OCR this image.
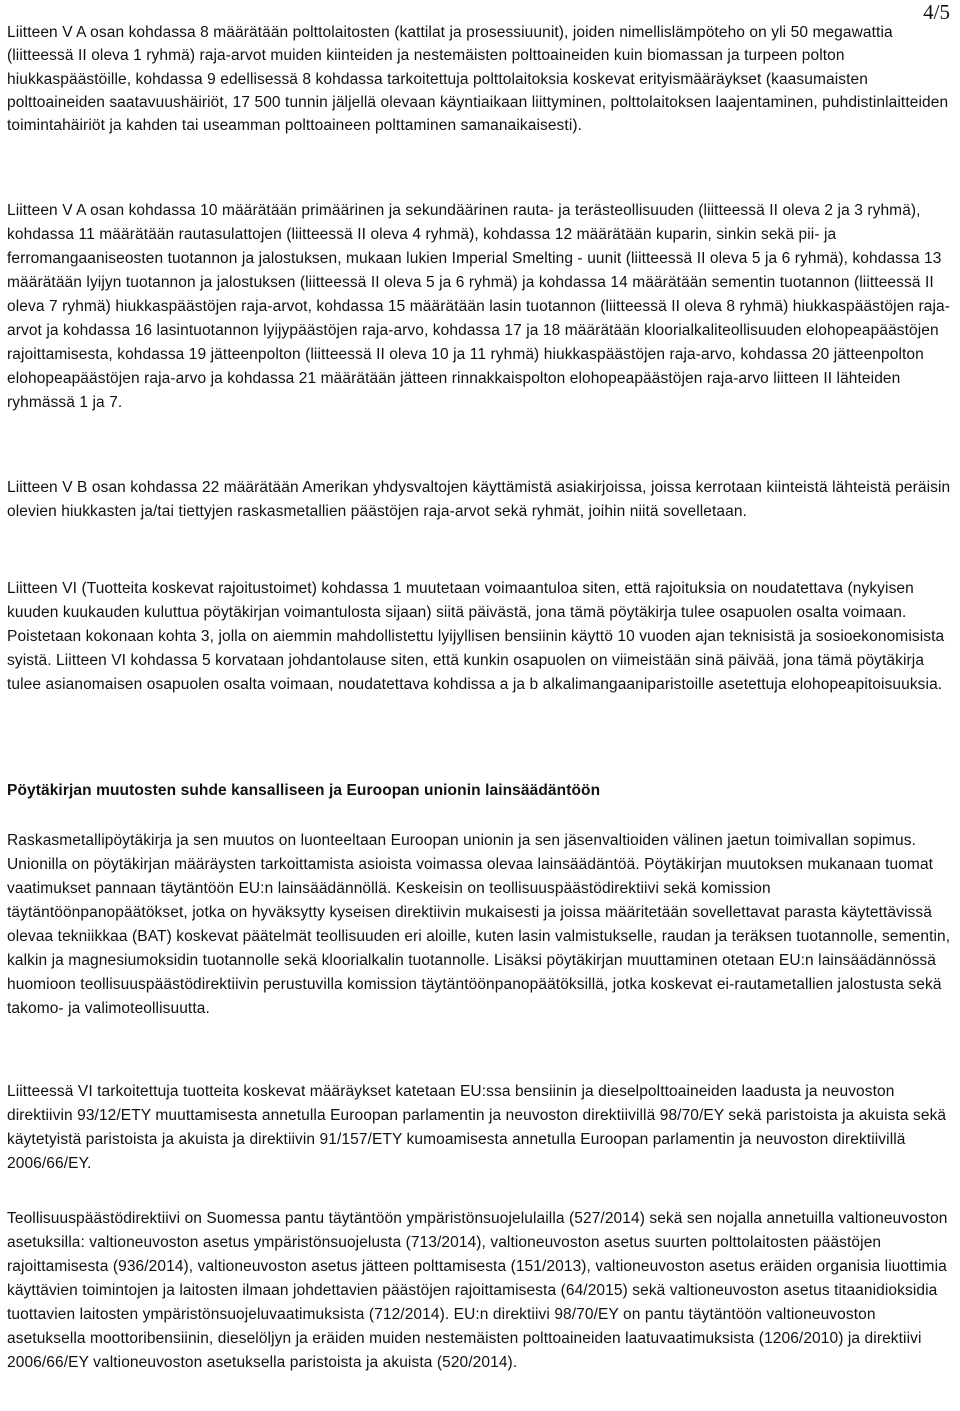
4/5

Liitteen V A osan kohdassa 8 määrätään polttolaitosten (kattilat ja prosessiuunit), joiden nimellislämpöteho on yli 50 megawattia (liitteessä II oleva 1 ryhmä) raja-arvot muiden kiinteiden ja nestemäisten polttoaineiden kuin biomassan ja turpeen polton hiukkaspäästöille, kohdassa 9 edellisessä 8 kohdassa tarkoitettuja polttolaitoksia koskevat erityismääräykset (kaasumaisten polttoaineiden saatavuushäiriöt, 17 500 tunnin jäljellä olevaan käyntiaikaan liittyminen, polttolaitoksen laajentaminen, puhdistinlaitteiden toimintahäiriöt ja kahden tai useamman polttoaineen polttaminen samanaikaisesti).

Liitteen V A osan kohdassa 10 määrätään primäärinen ja sekundäärinen rauta- ja terästeollisuuden (liitteessä II oleva 2 ja 3 ryhmä), kohdassa 11 määrätään rautasulattojen (liitteessä II oleva 4 ryhmä), kohdassa 12 määrätään kuparin, sinkin sekä pii- ja ferromangaaniseosten tuotannon ja jalostuksen, mukaan lukien Imperial Smelting - uunit (liitteessä II oleva 5 ja 6 ryhmä), kohdassa 13 määrätään lyijyn tuotannon ja jalostuksen (liitteessä II oleva 5 ja 6 ryhmä) ja kohdassa 14 määrätään sementin tuotannon (liitteessä II oleva 7 ryhmä) hiukkaspäästöjen raja-arvot, kohdassa 15 määrätään lasin tuotannon (liitteessä II oleva 8 ryhmä) hiukkaspäästöjen raja-arvot ja kohdassa 16 lasintuotannon lyijypäästöjen raja-arvo, kohdassa 17 ja 18 määrätään kloorialkaliteollisuuden elohopeapäästöjen rajoittamisesta, kohdassa 19 jätteenpolton (liitteessä II oleva 10 ja 11 ryhmä) hiukkaspäästöjen raja-arvo, kohdassa 20 jätteenpolton elohopeapäästöjen raja-arvo ja kohdassa 21 määrätään jätteen rinnakkaispolton elohopeapäästöjen raja-arvo liitteen II lähteiden ryhmässä 1 ja 7.

Liitteen V B osan kohdassa 22 määrätään Amerikan yhdysvaltojen käyttämistä asiakirjoissa, joissa kerrotaan kiinteistä lähteistä peräisin olevien hiukkasten ja/tai tiettyjen raskasmetallien päästöjen raja-arvot sekä ryhmät, joihin niitä sovelletaan.

Liitteen VI (Tuotteita koskevat rajoitustoimet) kohdassa 1 muutetaan voimaantuloa siten, että rajoituksia on noudatettava (nykyisen kuuden kuukauden kuluttua pöytäkirjan voimantulosta sijaan) siitä päivästä, jona tämä pöytäkirja tulee osapuolen osalta voimaan. Poistetaan kokonaan kohta 3, jolla on aiemmin mahdollistettu lyijyllisen bensiinin käyttö 10 vuoden ajan teknisistä ja sosioekonomisista syistä. Liitteen VI kohdassa 5 korvataan johdantolause siten, että kunkin osapuolen on viimeistään sinä päivää, jona tämä pöytäkirja tulee asianomaisen osapuolen osalta voimaan, noudatettava kohdissa a ja b alkalimangaaniparistoille asetettuja elohopeapitoisuuksia.

Pöytäkirjan muutosten suhde kansalliseen ja Euroopan unionin lainsäädäntöön

Raskasmetallipöytäkirja ja sen muutos on luonteeltaan Euroopan unionin ja sen jäsenvaltioiden välinen jaetun toimivallan sopimus. Unionilla on pöytäkirjan määräysten tarkoittamista asioista voimassa olevaa lainsäädäntöä. Pöytäkirjan muutoksen mukanaan tuomat vaatimukset pannaan täytäntöön EU:n lainsäädännöllä. Keskeisin on teollisuuspäästödirektiivi sekä komission täytäntöönpanopäätökset, jotka on hyväksytty kyseisen direktiivin mukaisesti ja joissa määritetään sovellettavat parasta käytettävissä olevaa tekniikkaa (BAT) koskevat päätelmät teollisuuden eri aloille, kuten lasin valmistukselle, raudan ja teräksen tuotannolle, sementin, kalkin ja magnesiumoksidin tuotannolle sekä kloorialkalin tuotannolle. Lisäksi pöytäkirjan muuttaminen otetaan EU:n lainsäädännössä huomioon teollisuuspäästödirektiivin perustuvilla komission täytäntöönpanopäätöksillä, jotka koskevat ei-rautametallien jalostusta sekä takomo- ja valimoteollisuutta.

Liitteessä VI tarkoitettuja tuotteita koskevat määräykset katetaan EU:ssa bensiinin ja dieselpolttoaineiden laadusta ja neuvoston direktiivin 93/12/ETY muuttamisesta annetulla Euroopan parlamentin ja neuvoston direktiivillä 98/70/EY sekä paristoista ja akuista sekä käytetyistä paristoista ja akuista ja direktiivin 91/157/ETY kumoamisesta annetulla Euroopan parlamentin ja neuvoston direktiivillä 2006/66/EY.

Teollisuuspäästödirektiivi on Suomessa pantu täytäntöön ympäristönsuojelulailla (527/2014) sekä sen nojalla annetuilla valtioneuvoston asetuksilla: valtioneuvoston asetus ympäristönsuojelusta (713/2014), valtioneuvoston asetus suurten polttolaitosten päästöjen rajoittamisesta (936/2014), valtioneuvoston asetus jätteen polttamisesta (151/2013), valtioneuvoston asetus eräiden organisia liuottimia käyttävien toimintojen ja laitosten ilmaan johdettavien päästöjen rajoittamisesta (64/2015) sekä valtioneuvoston asetus titaanidioksidia tuottavien laitosten ympäristönsuojeluvaatimuksista (712/2014). EU:n direktiivi 98/70/EY on pantu täytäntöön valtioneuvoston asetuksella moottoribensiinin, dieselöljyn ja eräiden muiden nestemäisten polttoaineiden laatuvaatimuksista (1206/2010) ja direktiivi 2006/66/EY valtioneuvoston asetuksella paristoista ja akuista (520/2014).
